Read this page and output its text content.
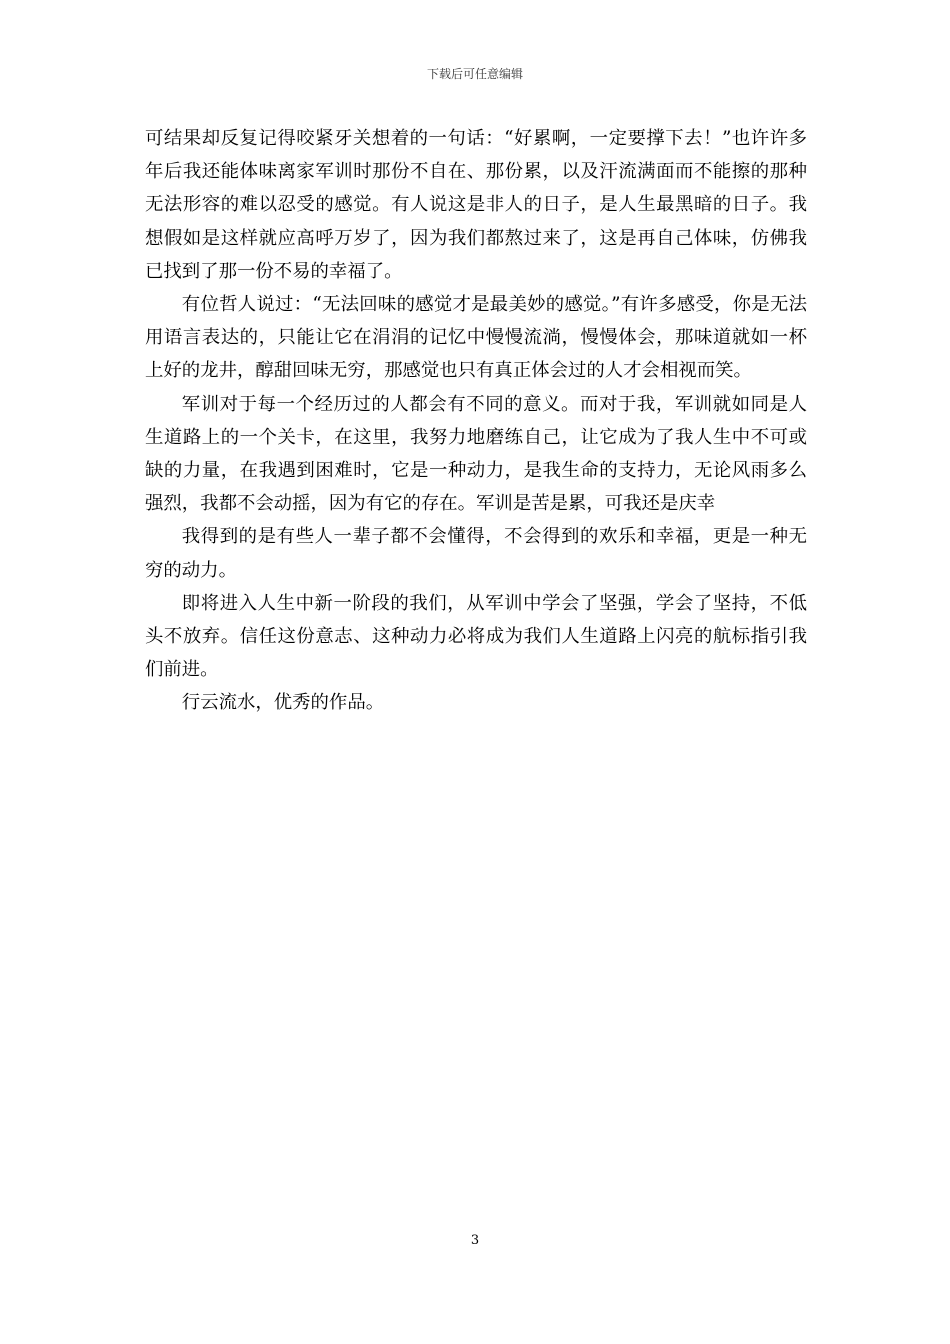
下载后可任意编辑

可结果却反复记得咬紧牙关想着的一句话：“好累啊，一定要撑下去！”也许许多年后我还能体味离家军训时那份不自在、那份累，以及汗流满面而不能擦的那种无法形容的难以忍受的感觉。有人说这是非人的日子，是人生最黑暗的日子。我想假如是这样就应高呼万岁了，因为我们都熬过来了，这是再自己体味，仿佛我已找到了那一份不易的幸福了。

有位哲人说过：“无法回味的感觉才是最美妙的感觉。”有许多感受，你是无法用语言表达的，只能让它在涓涓的记忆中慢慢流淌，慢慢体会，那味道就如一杯上好的龙井，醇甜回味无穷，那感觉也只有真正体会过的人才会相视而笑。

军训对于每一个经历过的人都会有不同的意义。而对于我，军训就如同是人生道路上的一个关卡，在这里，我努力地磨练自己，让它成为了我人生中不可或缺的力量，在我遇到困难时，它是一种动力，是我生命的支持力，无论风雨多么强烈，我都不会动摇，因为有它的存在。军训是苦是累，可我还是庆幸

我得到的是有些人一辈子都不会懂得，不会得到的欢乐和幸福，更是一种无穷的动力。

即将进入人生中新一阶段的我们，从军训中学会了坚强，学会了坚持，不低头不放弃。信任这份意志、这种动力必将成为我们人生道路上闪亮的航标指引我们前进。

行云流水，优秀的作品。

3
